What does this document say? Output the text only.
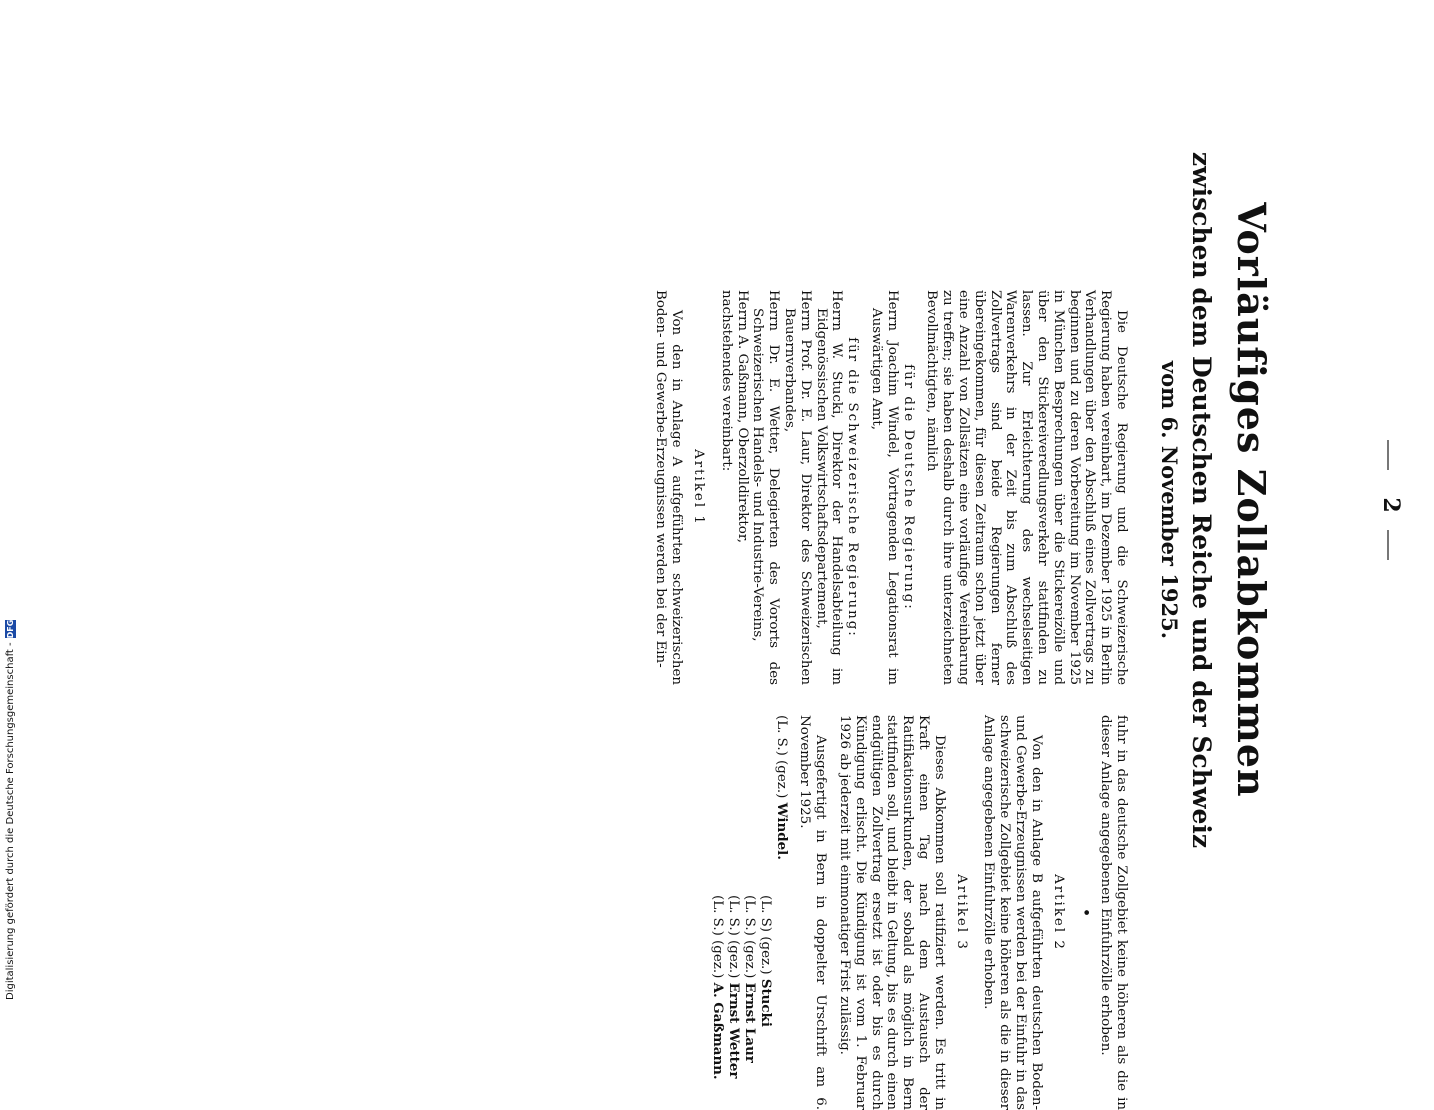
2
Vorläufiges Zollabkommen
zwischen dem Deutschen Reiche und der Schweiz
vom 6. November 1925.

Die Deutsche Regierung und die Schweizerische Regierung haben vereinbart, im Dezember 1925 in Berlin Verhandlungen über den Abschluß eines Zollvertrags zu beginnen und zu deren Vorbereitung im November 1925 in München Besprechungen über die Stickereizölle und über den Stickereiveredlungsverkehr stattfinden zu lassen. Zur Erleichterung des wechselseitigen Warenverkehrs in der Zeit bis zum Abschluß des Zollvertrags sind beide Regierungen ferner übereingekommen, für diesen Zeitraum schon jetzt über eine Anzahl von Zollsätzen eine vorläufige Vereinbarung zu treffen; sie haben deshalb durch ihre unterzeichneten Bevollmächtigten, nämlich

für die Deutsche Regierung:

Herrn Joachim Windel, Vortragenden Legationsrat im Auswärtigen Amt,

für die Schweizerische Regierung:

Herrn W. Stucki, Direktor der Handelsabteilung im Eidgenössischen Volkswirtschaftsdepartement,

Herrn Prof. Dr. E. Laur, Direktor des Schweizerischen Bauernverbandes,

Herrn Dr. E. Wetter, Delegierten des Vororts des Schweizerischen Handels- und Industrie-Vereins,

Herrn A. Gaßmann, Oberzolldirektor,

nachstehendes vereinbart:

Artikel 1

Von den in Anlage A aufgeführten schweizerischen Boden- und Gewerbe-Erzeugnissen werden bei der Ein-

fuhr in das deutsche Zollgebiet keine höheren als die in dieser Anlage angegebenen Einfuhrzölle erhoben.

•

Artikel 2

Von den in Anlage B aufgeführten deutschen Boden- und Gewerbe-Erzeugnissen werden bei der Einfuhr in das schweizerische Zollgebiet keine höheren als die in dieser Anlage angegebenen Einfuhrzölle erhoben.

Artikel 3

Dieses Abkommen soll ratifiziert werden. Es tritt in Kraft einen Tag nach dem Austausch der Ratifikationsurkunden, der sobald als möglich in Bern stattfinden soll, und bleibt in Geltung, bis es durch einen endgültigen Zollvertrag ersetzt ist oder bis es durch Kündigung erlischt. Die Kündigung ist vom 1. Februar 1926 ab jederzeit mit einmonatiger Frist zulässig.

Ausgefertigt in Bern in doppelter Urschrift am 6. November 1925.

(L. S.) (gez.) Windel.
(L. S) (gez.) Stucki
(L. S.) (gez.) Ernst Laur
(L. S.) (gez.) Ernst Wetter
(L. S.) (gez.) A. Gaßmann.
Digitalisierung gefördert durch die Deutsche Forschungsgemeinschaft -
DFG
